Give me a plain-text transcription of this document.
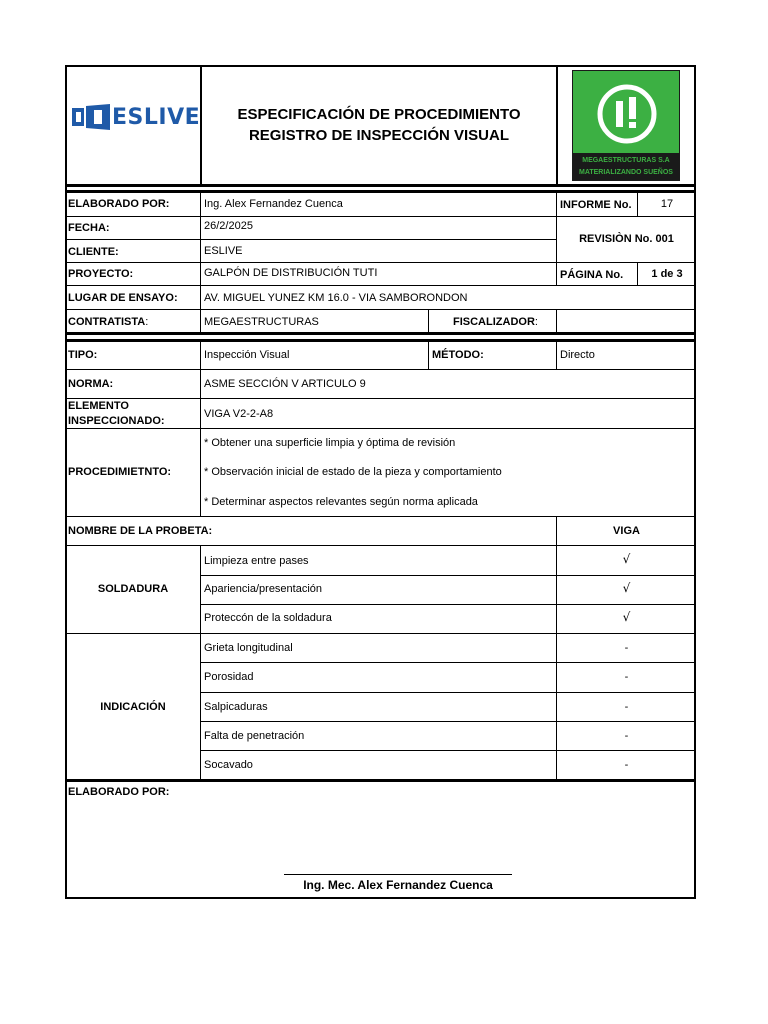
ESLIVE	ESPECIFICACIÓN DE PROCEDIMIENTO
REGISTRO DE INSPECCIÓN VISUAL
MEGAESTRUCTURAS S.A
MATERIALIZANDO SUEÑOS
ELABORADO POR:	Ing. Alex Fernandez Cuenca	INFORME No.	17
FECHA:	26/2/2025
REVISIÒN No. 001
CLIENTE:	ESLIVE
PROYECTO:	GALPÓN DE DISTRIBUCIÓN TUTI	PÁGINA No.	1 de 3
LUGAR DE ENSAYO: AV. MIGUEL YUNEZ KM 16.0 - VIA SAMBORONDON
CONTRATISTA:	MEGAESTRUCTURAS	FISCALIZADOR:
TIPO:	Inspección Visual	MÉTODO:	Directo
NORMA:	ASME SECCIÓN V ARTICULO 9
ELEMENTO
INSPECCIONADO:
VIGA V2-2-A8
PROCEDIMIETNTO:
* Obtener una superficie limpia y óptima de revisión
* Observación inicial de estado de la pieza y comportamiento
* Determinar aspectos relevantes según norma aplicada
NOMBRE DE LA PROBETA:	VIGA
SOLDADURA
Limpieza entre pases	√
Apariencia/presentación	√
Proteccón de la soldadura	√
INDICACIÓN
Grieta longitudinal	-
Porosidad	-
Salpicaduras	-
Falta de penetración	-
Socavado	-
ELABORADO POR:
Ing. Mec. Alex Fernandez Cuenca
